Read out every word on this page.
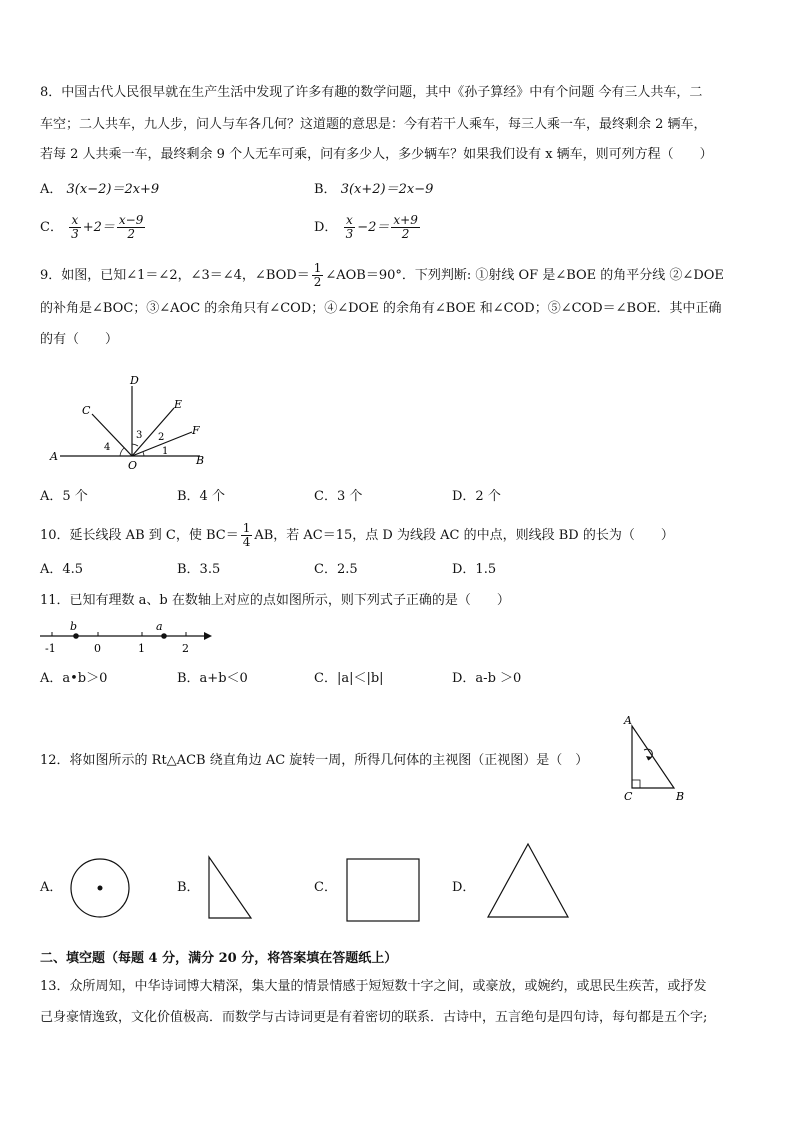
8．中国古代人民很早就在生产生活中发现了许多有趣的数学问题，其中《孙子算经》中有个问题 今有三人共车，二
车空；二人共车，九人步，问人与车各几何？这道题的意思是：今有若干人乘车，每三人乘一车，最终剩余 2 辆车，
若每 2 人共乘一车，最终剩余 9 个人无车可乘，问有多少人，多少辆车？如果我们设有 x 辆车，则可列方程（　　）
A． 3(x−2)＝2x+9	B． 3(x+2)＝2x−9
C． $\frac{x}{3} +2= \frac{x-9}{2}$	D． $\frac{x}{3} -2= \frac{x+9}{2}$
9．如图，已知∠1＝∠2，∠3＝∠4，∠BOD＝ $\frac{1}{2}$ ∠AOB＝90°．下列判断: ①射线 OF 是∠BOE 的角平分线 ②∠DOE
的补角是∠BOC；③∠AOC 的余角只有∠COD；④∠DOE 的余角有∠BOE 和∠COD；⑤∠COD＝∠BOE．其中正确
的有（　　）
D
C	E
F
A	B
O
4
3 2
1
A．5 个	B．4 个	C．3 个	D．2 个
10．延长线段 AB 到 C，使 $BC= \frac{1}{4}$ AB，若 AC＝15，点 D 为线段 AC 的中点，则线段 BD 的长为（　　）
A．4.5	B．3.5	C．2.5	D．1.5
11．已知有理数 a、b 在数轴上对应的点如图所示，则下列式子正确的是（　　）
b	a
-1	0	1	2
A．a•b＞0	B．a+b＜0	C．|a|＜|b|	D．a-b ＞0
12．将如图所示的 Rt△ACB 绕直角边 AC 旋转一周，所得几何体的主视图（正视图）是（　）
A
C	B
A．	B．	C．	D．
二、填空题（每题 4 分，满分 20 分，将答案填在答题纸上）
13．众所周知，中华诗词博大精深，集大量的情景情感于短短数十字之间，或豪放，或婉约，或思民生疾苦，或抒发
己身豪情逸致，文化价值极高．而数学与古诗词更是有着密切的联系．古诗中，五言绝句是四句诗，每句都是五个字;
